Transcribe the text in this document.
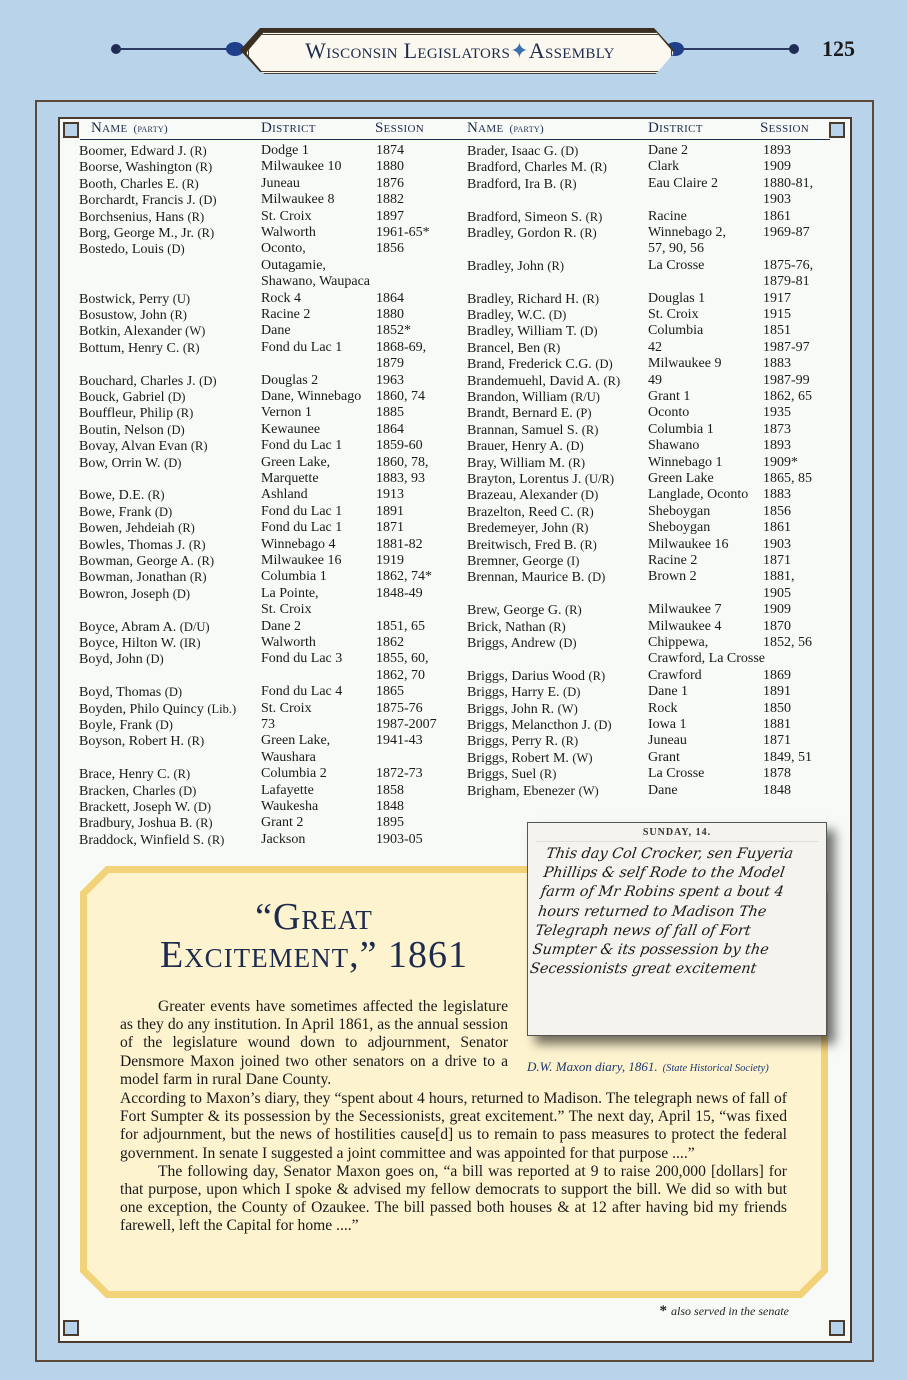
Wisconsin Legislators✦Assembly	125
Name (party)	District	Session	Name (party)	District	Session
Boomer, Edward J. (R)	Dodge 1	1874
Boorse, Washington (R)	Milwaukee 10 1880
Booth, Charles E. (R)	Juneau	1876
Borchardt, Francis J. (D)	Milwaukee 8	1882
Borchsenius, Hans (R)	St. Croix	1897
Borg, George M., Jr. (R)	Walworth	1961-65*
Bostedo, Louis (D)	Oconto,	1856
Outagamie,
Shawano, Waupaca
Bostwick, Perry (U)	Rock 4	1864
Bosustow, John (R)	Racine 2	1880
Botkin, Alexander (W)	Dane	1852*
Bottum, Henry C. (R)	Fond du Lac 1 1868-69,
1879
Bouchard, Charles J. (D)	Douglas 2	1963
Bouck, Gabriel (D)	Dane, Winnebago 1860, 74
Bouffleur, Philip (R)	Vernon 1	1885
Boutin, Nelson (D)	Kewaunee	1864
Bovay, Alvan Evan (R)	Fond du Lac 1 1859-60
Bow, Orrin W. (D)	Green Lake,	1860, 78,
Marquette	1883, 93
Bowe, D.E. (R)	Ashland	1913
Bowe, Frank (D)	Fond du Lac 1 1891
Bowen, Jehdeiah (R)	Fond du Lac 1 1871
Bowles, Thomas J. (R)	Winnebago 4	1881-82
Bowman, George A. (R)	Milwaukee 16 1919
Bowman, Jonathan (R)	Columbia 1	1862, 74*
Bowron, Joseph (D)	La Pointe,	1848-49
St. Croix
Boyce, Abram A. (D/U)	Dane 2	1851, 65
Boyce, Hilton W. (IR)	Walworth	1862
Boyd, John (D)	Fond du Lac 3 1855, 60,
1862, 70
Boyd, Thomas (D)	Fond du Lac 4 1865
Boyden, Philo Quincy (Lib.) St. Croix	1875-76
Boyle, Frank (D)	73	1987-2007
Boyson, Robert H. (R)	Green Lake,	1941-43
Waushara
Brace, Henry C. (R)	Columbia 2	1872-73
Bracken, Charles (D)	Lafayette	1858
Brackett, Joseph W. (D)	Waukesha	1848
Bradbury, Joshua B. (R)	Grant 2	1895
Braddock, Winfield S. (R)	Jackson	1903-05
Brader, Isaac G. (D)	Dane 2	1893
Bradford, Charles M. (R)	Clark	1909
Bradford, Ira B. (R)	Eau Claire 2	1880-81,
1903
Bradford, Simeon S. (R)	Racine	1861
Bradley, Gordon R. (R)	Winnebago 2,	1969-87
57, 90, 56
Bradley, John (R)	La Crosse	1875-76,
1879-81
Bradley, Richard H. (R)	Douglas 1	1917
Bradley, W.C. (D)	St. Croix	1915
Bradley, William T. (D)	Columbia	1851
Brancel, Ben (R)	42	1987-97
Brand, Frederick C.G. (D)	Milwaukee 9	1883
Brandemuehl, David A. (R) 49	1987-99
Brandon, William (R/U)	Grant 1	1862, 65
Brandt, Bernard E. (P)	Oconto	1935
Brannan, Samuel S. (R)	Columbia 1	1873
Brauer, Henry A. (D)	Shawano	1893
Bray, William M. (R)	Winnebago 1	1909*
Brayton, Lorentus J. (U/R) Green Lake	1865, 85
Brazeau, Alexander (D)	Langlade, Oconto 1883
Brazelton, Reed C. (R)	Sheboygan	1856
Bredemeyer, John (R)	Sheboygan	1861
Breitwisch, Fred B. (R)	Milwaukee 16 1903
Bremner, George (I)	Racine 2	1871
Brennan, Maurice B. (D)	Brown 2	1881,
1905
Brew, George G. (R)	Milwaukee 7	1909
Brick, Nathan (R)	Milwaukee 4	1870
Briggs, Andrew (D)	Chippewa,	1852, 56
Crawford, La Crosse
Briggs, Darius Wood (R)	Crawford	1869
Briggs, Harry E. (D)	Dane 1	1891
Briggs, John R. (W)	Rock	1850
Briggs, Melancthon J. (D)	Iowa 1	1881
Briggs, Perry R. (R)	Juneau	1871
Briggs, Robert M. (W)	Grant	1849, 51
Briggs, Suel (R)	La Crosse	1878
Brigham, Ebenezer (W)	Dane	1848
“Great
Excitement,” 1861

Greater events have sometimes affected the legislature as they do any institution. In April 1861, as the annual session of the legislature wound down to adjournment, Senator Densmore Maxon joined two other senators on a drive to a model farm in rural Dane County.

According to Maxon’s diary, they “spent about 4 hours, returned to Madison. The telegraph news of fall of Fort Sumpter & its possession by the Secessionists, great excitement.” The next day, April 15, “was fixed for adjournment, but the news of hostilities cause[d] us to remain to pass measures to protect the federal government. In senate I suggested a joint committee and was appointed for that purpose ....”

The following day, Senator Maxon goes on, “a bill was reported at 9 to raise 200,000 [dollars] for that purpose, upon which I spoke & advised my fellow democrats to support the bill. We did so with but one exception, the County of Ozaukee. The bill passed both houses & at 12 after having bid my friends farewell, left the Capital for home ....”

SUNDAY, 14.
This day Col Crocker, sen Fuyeria Phillips & self Rode to the Model farm of Mr Robins spent a bout 4 hours returned to Madison The Telegraph news of fall of Fort Sumpter & its possession by the Secessionists great excitement
D.W. Maxon diary, 1861. (State Historical Society)
* also served in the senate
